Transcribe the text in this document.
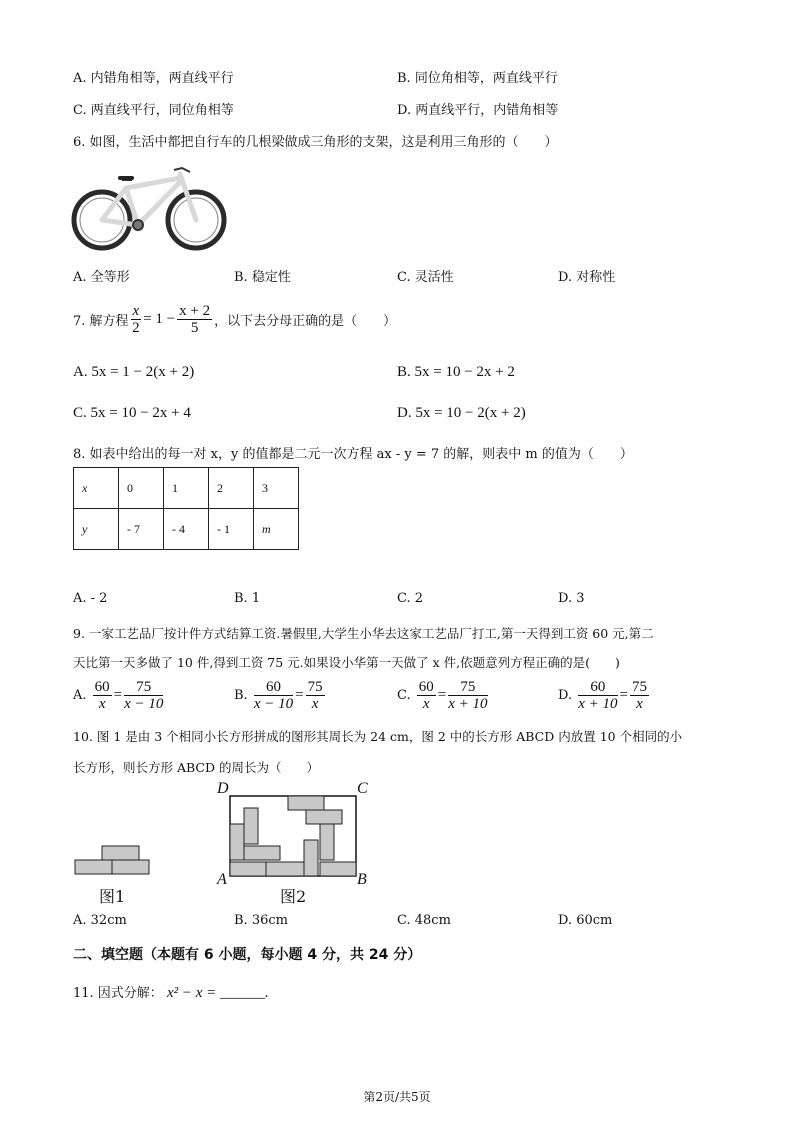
A. 内错角相等，两直线平行	B. 同位角相等，两直线平行
C. 两直线平行，同位角相等	D. 两直线平行，内错角相等
6. 如图，生活中都把自行车的几根梁做成三角形的支架，这是利用三角形的（　　）
A. 全等形	B. 稳定性	C. 灵活性	D. 对称性
7. 解方程 $\frac{x}{2} = 1 - \frac{x + 2}{5}$ ，以下去分母正确的是（　　）
A. 5x = 1 − 2(x + 2)	B. 5x = 10 − 2x + 2
C. 5x = 10 − 2x + 4	D. 5x = 10 − 2(x + 2)
8. 如表中给出的每一对 x，y 的值都是二元一次方程 ax - y = 7 的解，则表中 m 的值为（　　）
x	0	1	2	3
y	- 7	- 4	- 1	m
A. - 2	B. 1	C. 2	D. 3
9. 一家工艺品厂按计件方式结算工资.暑假里,大学生小华去这家工艺品厂打工,第一天得到工资 60 元,第二
天比第一天多做了 10 件,得到工资 75 元.如果设小华第一天做了 x 件,依题意列方程正确的是(　　)
A. $\frac{60}{x} = \frac{75}{x - 10}$	B. $\frac{60}{x - 10} = \frac{75}{x}$	C. $\frac{60}{x} = \frac{75}{x + 10}$	D. $\frac{60}{x + 10} = \frac{75}{x}$
10. 图 1 是由 3 个相同小长方形拼成的图形其周长为 24 cm，图 2 中的长方形 ABCD 内放置 10 个相同的小
长方形，则长方形 ABCD 的周长为（　　）
图1
D	C
A	B
图2
A. 32cm	B. 36cm	C. 48cm	D. 60cm
二、填空题（本题有 6 小题，每小题 4 分，共 24 分）
11. 因式分解： x² − x = ______.
第2页/共5页
